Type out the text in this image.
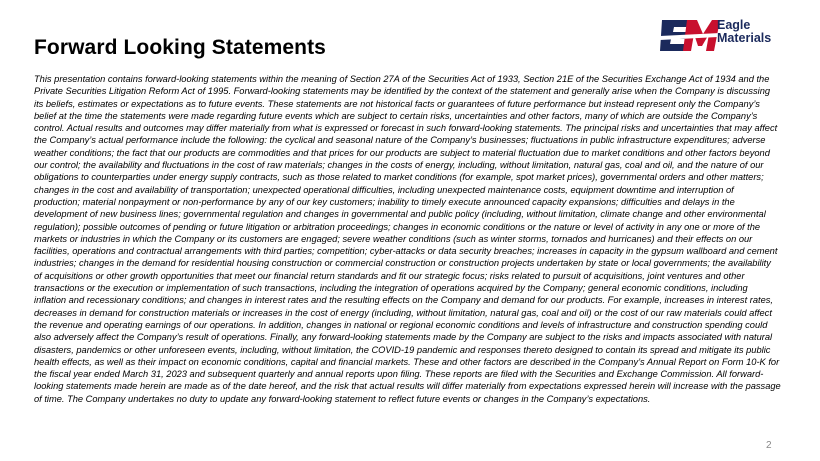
Forward Looking Statements
Eagle
Materials
This presentation contains forward-looking statements within the meaning of Section 27A of the Securities Act of 1933, Section 21E of the Securities Exchange Act of 1934 and the Private Securities Litigation Reform Act of 1995. Forward-looking statements may be identified by the context of the statement and generally arise when the Company is discussing its beliefs, estimates or expectations as to future events. These statements are not historical facts or guarantees of future performance but instead represent only the Company’s belief at the time the statements were made regarding future events which are subject to certain risks, uncertainties and other factors, many of which are outside the Company’s control. Actual results and outcomes may differ materially from what is expressed or forecast in such forward-looking statements. The principal risks and uncertainties that may affect the Company’s actual performance include the following: the cyclical and seasonal nature of the Company’s businesses; fluctuations in public infrastructure expenditures; adverse weather conditions; the fact that our products are commodities and that prices for our products are subject to material fluctuation due to market conditions and other factors beyond our control; the availability and fluctuations in the cost of raw materials; changes in the costs of energy, including, without limitation, natural gas, coal and oil, and the nature of our obligations to counterparties under energy supply contracts, such as those related to market conditions (for example, spot market prices), governmental orders and other matters; changes in the cost and availability of transportation; unexpected operational difficulties, including unexpected maintenance costs, equipment downtime and interruption of production; material nonpayment or non-performance by any of our key customers; inability to timely execute announced capacity expansions; difficulties and delays in the development of new business lines; governmental regulation and changes in governmental and public policy (including, without limitation, climate change and other environmental regulation); possible outcomes of pending or future litigation or arbitration proceedings; changes in economic conditions or the nature or level of activity in any one or more of the markets or industries in which the Company or its customers are engaged; severe weather conditions (such as winter storms, tornados and hurricanes) and their effects on our facilities, operations and contractual arrangements with third parties; competition; cyber-attacks or data security breaches; increases in capacity in the gypsum wallboard and cement industries; changes in the demand for residential housing construction or commercial construction or construction projects undertaken by state or local governments; the availability of acquisitions or other growth opportunities that meet our financial return standards and fit our strategic focus; risks related to pursuit of acquisitions, joint ventures and other transactions or the execution or implementation of such transactions, including the integration of operations acquired by the Company; general economic conditions, including inflation and recessionary conditions; and changes in interest rates and the resulting effects on the Company and demand for our products. For example, increases in interest rates, decreases in demand for construction materials or increases in the cost of energy (including, without limitation, natural gas, coal and oil) or the cost of our raw materials could affect the revenue and operating earnings of our operations. In addition, changes in national or regional economic conditions and levels of infrastructure and construction spending could also adversely affect the Company’s result of operations. Finally, any forward-looking statements made by the Company are subject to the risks and impacts associated with natural disasters, pandemics or other unforeseen events, including, without limitation, the COVID-19 pandemic and responses thereto designed to contain its spread and mitigate its public health effects, as well as their impact on economic conditions, capital and financial markets. These and other factors are described in the Company’s Annual Report on Form 10-K for the fiscal year ended March 31, 2023 and subsequent quarterly and annual reports upon filing. These reports are filed with the Securities and Exchange Commission. All forward-looking statements made herein are made as of the date hereof, and the risk that actual results will differ materially from expectations expressed herein will increase with the passage of time. The Company undertakes no duty to update any forward-looking statement to reflect future events or changes in the Company’s expectations.
2
